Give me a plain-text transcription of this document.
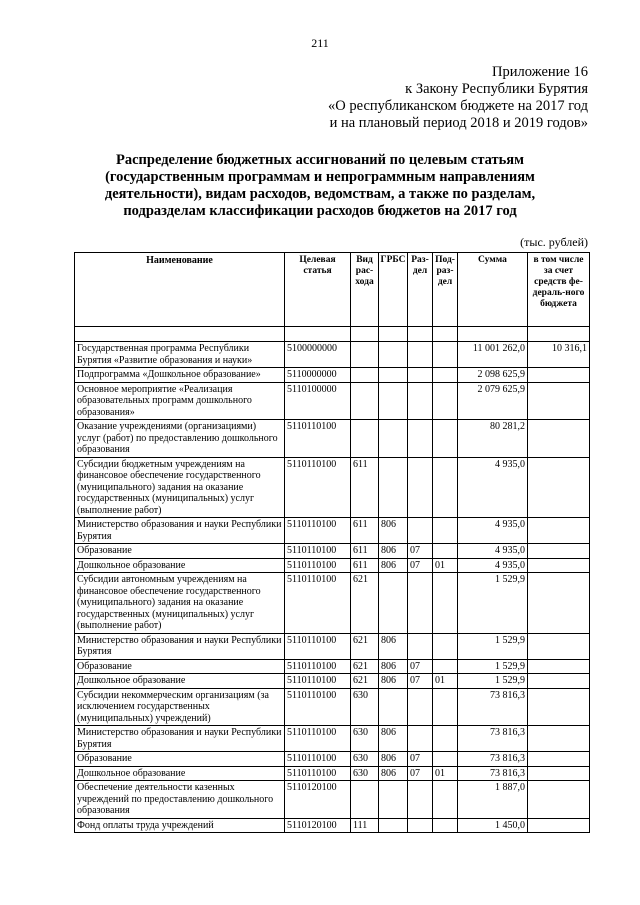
211
Приложение 16
к Закону Республики Бурятия
«О республиканском бюджете на 2017 год
и на плановый период 2018 и 2019 годов»
Распределение бюджетных ассигнований по целевым статьям
(государственным программам и непрограммным направлениям
деятельности), видам расходов, ведомствам, а также по разделам,
подразделам классификации расходов бюджетов на 2017 год
(тыс. рублей)
Наименование	Целевая статья	Вид рас-хода	ГРБС	Раз-дел	Под-раз-дел	Сумма	в том числе за счет средств фе-дераль-ного бюджета

Государственная программа Республики Бурятия «Развитие образования и науки»	5100000000					11 001 262,0	10 316,1
Подпрограмма «Дошкольное образование»	5110000000					2 098 625,9	
Основное мероприятие «Реализация образовательных программ дошкольного образования»	5110100000					2 079 625,9	
Оказание учреждениями (организациями) услуг (работ) по предоставлению дошкольного образования	5110110100					80 281,2	
Субсидии бюджетным учреждениям на финансовое обеспечение государственного (муниципального) задания на оказание государственных (муниципальных) услуг (выполнение работ)	5110110100	611				4 935,0	
Министерство образования и науки Республики Бурятия	5110110100	611	806			4 935,0	
Образование	5110110100	611	806	07		4 935,0	
Дошкольное образование	5110110100	611	806	07	01	4 935,0	
Субсидии автономным учреждениям на финансовое обеспечение государственного (муниципального) задания на оказание государственных (муниципальных) услуг (выполнение работ)	5110110100	621				1 529,9	
Министерство образования и науки Республики Бурятия	5110110100	621	806			1 529,9	
Образование	5110110100	621	806	07		1 529,9	
Дошкольное образование	5110110100	621	806	07	01	1 529,9	
Субсидии некоммерческим организациям (за исключением государственных (муниципальных) учреждений)	5110110100	630				73 816,3	
Министерство образования и науки Республики Бурятия	5110110100	630	806			73 816,3	
Образование	5110110100	630	806	07		73 816,3	
Дошкольное образование	5110110100	630	806	07	01	73 816,3	
Обеспечение деятельности казенных учреждений по предоставлению дошкольного образования	5110120100					1 887,0	
Фонд оплаты труда учреждений	5110120100	111				1 450,0	
